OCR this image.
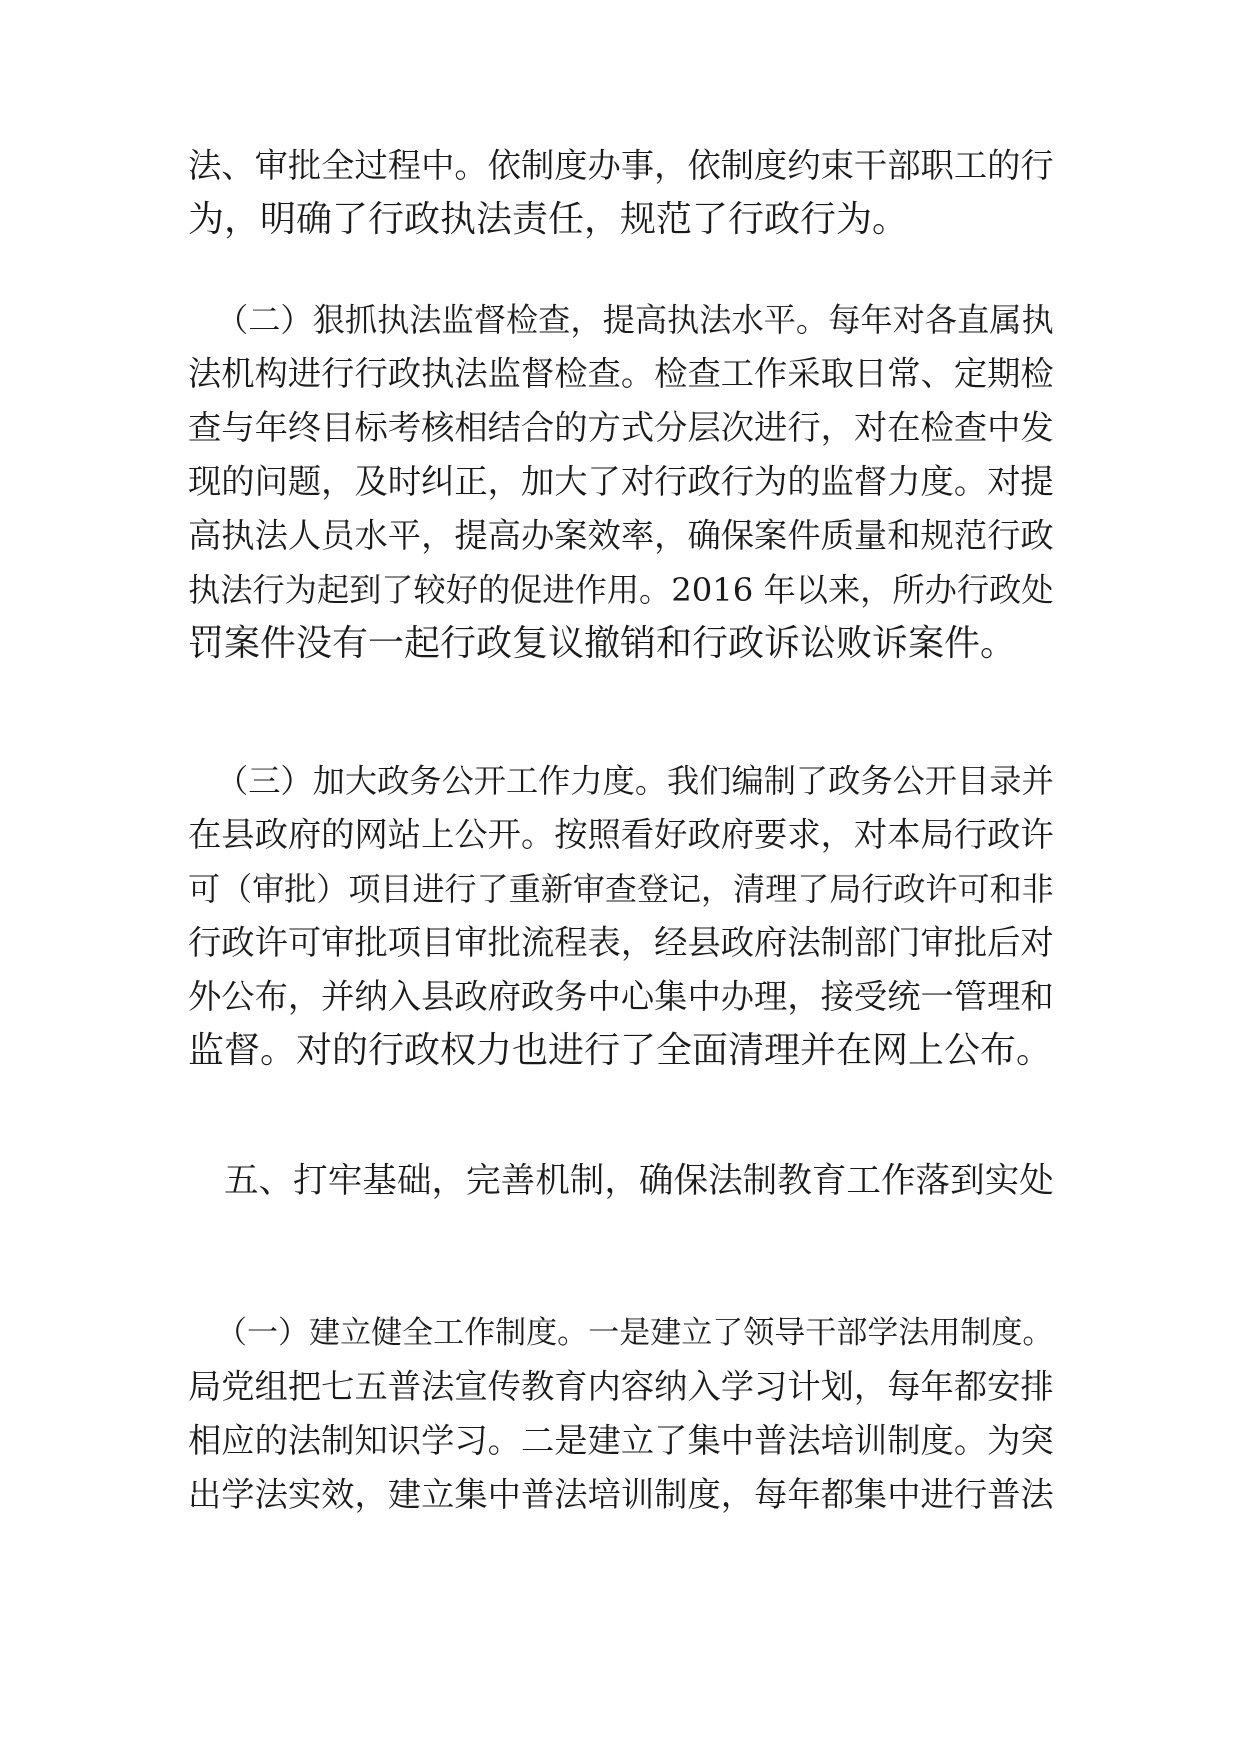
法、审批全过程中。依制度办事，依制度约束干部职工的行
为，明确了行政执法责任，规范了行政行为。
（二）狠抓执法监督检查，提高执法水平。每年对各直属执
法机构进行行政执法监督检查。检查工作采取日常、定期检
查与年终目标考核相结合的方式分层次进行，对在检查中发
现的问题，及时纠正，加大了对行政行为的监督力度。对提
高执法人员水平，提高办案效率，确保案件质量和规范行政
执法行为起到了较好的促进作用。2016 年以来，所办行政处
罚案件没有一起行政复议撤销和行政诉讼败诉案件。
（三）加大政务公开工作力度。我们编制了政务公开目录并
在县政府的网站上公开。按照看好政府要求，对本局行政许
可（审批）项目进行了重新审查登记，清理了局行政许可和非
行政许可审批项目审批流程表，经县政府法制部门审批后对
外公布，并纳入县政府政务中心集中办理，接受统一管理和
监督。对的行政权力也进行了全面清理并在网上公布。
五、打牢基础，完善机制，确保法制教育工作落到实处
（一）建立健全工作制度。一是建立了领导干部学法用制度。
局党组把七五普法宣传教育内容纳入学习计划，每年都安排
相应的法制知识学习。二是建立了集中普法培训制度。为突
出学法实效，建立集中普法培训制度，每年都集中进行普法
